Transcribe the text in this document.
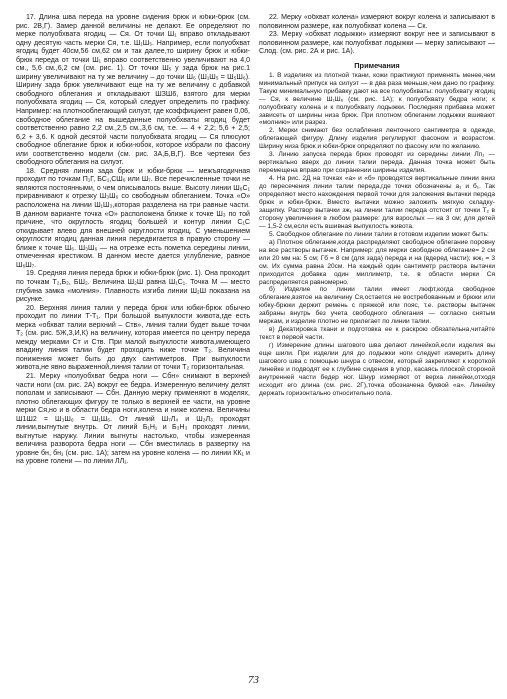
17. Длина шва переда на уровне сидения брюк и юбки-брюк (см. рис. 2В,Г). Замер данной величины не делают. Ее определяют по мерке полуобхвата ягодиц — Ся. От точки Ш₁ вправо откладывают одну десятую часть мерки Ся, т.е. Ш₁Ш₅. Например, если полуобхват ягодиц будет 40см,56 см,62 см и так далее,то ширину брюк и юбки-брюк переда от точки Ш₁ вправо соответственно увеличивают на 4,0 см., 5,6 см.,6,2 см (см. рис. 1). От точки Ш₅ у зада брюк на рис.1 ширину увеличивают на ту же величину – до точки Ш₆ (Ш₁Ш₅ = Ш₅Ш₆). Ширину зада брюк увеличивают еще на ту же величину с добавкой свободного облегания и откладывают ШЗШ6, взятого для мерки полуобхвата ягодиц — Ся, который следует определить по графику. Например: на плотнооблегающий силуэт, где коэффициент равен 0,06, свободное облегание на вышеданные полуобхваты ягодиц будет соответственно равно 2,2 см.,2,5 см.,3,6 см, т.е. — 4 + 2,2; 5,6 + 2,5; 6,2 + 3,6. К одной десятой части полуобхвата ягодиц — Ся плюсуют свободное облегание брюк и юбки-юбок, которое избрали по фасону или соответственно модели (см. рис. 3А,Б,В,Г). Все чертежи без свободного облегания на силуэт.

18. Средняя линия зада брюк и юбки-брюк — межъягодичная проходит по точкам П₁Г, БС₁,СШ₆ или Ш₇. Все перечисленные точки не являются постоянными, о чем описывалось выше. Высоту линии Ш₆С₁ приравнивают к отрезку Ш₃Ш₆ со свободным облеганием. Точка «О» расположена на линии Ш₁Ш₃,которая разделена на три равные части. В данном варианте точка «О» расположена ближе к точке Ш₃ по той причине, что округлость ягодиц большей и контур линии С₁С откидывает влево для внешней округлости ягодиц. С уменьшением округлости ягодиц данная линия передвигается в правую сторону — ближе к точке Ш₆. Ш₃Ш₆ — на отрезке есть пометка середины линии, отмеченная крестиком. В данном месте дается углубление, равное Ш₆Ш₇.

19. Средняя линия переда брюк и юбки-брюк (рис. 1). Она проходит по точкам Т₂,Б₂, БШ₂. Величина Ш₂Ш равна Ш₁С₁. Точка М — место глубина замка «молния». Плавность изгиба линии Ш₂Ш показана на рисунке.

20. Верхняя линия талии у переда брюк или юбки-брюк обычно проходит по линии Т-Т₁. При большой выпуклости живота,где есть мерка «обхват талии верхний – Ств», линия талии будет выше точки Т₂ (см. рис. 5Ж,З,И,К) на величину, которая имеется по центру переда между мерками Ст и Ств. При малой выпуклости живота,имеющего впадину линия талии будет проходить ниже точке Т₂. Величина понижения может быть до двух сантиметров. При выпуклости живота,не явно выраженной,линия талии от точки Т₂ горизонтальная.

21. Мерку «полуобхват бедра ноги — Сбн» снимают в верхней части ноги (см. рис. 2А) вокруг ее бедра. Измеренную величину делят пополам и записывают — Сбн. Данную мерку применяют в моделях, плотно облегающих фигуру те только в верхней ее части, на уровне мерки Ся,но и в области бедра ноги,колена и ниже колена. Величины Ш1Ш2 = Ш₃Ш₆ = Ш₁Ш₆. От линий Ш₇Л₄ и Ш₂Л₃ проходят линии,выгнутые внутрь. От линий Б₁Н₁ и Б₃Н₃ проходят линии, выгнутые наружу. Линии выгнуты настолько, чтобы измеренная величина разворота бедра ноги — Сбн вместилась в развертку на уровне бн, бн₁ (см. рис. 1А); затем на уровне колена — по линии КК₁ и на уровне голени — по линии ЛЛ₁.

22. Мерку «обхват колена» измеряют вокруг колена и записывают в половинном размере, как полуобхват колена — Ск.

23. Мерку «обхват лодыжки» измеряют вокруг нее и записывают в половинном размере, как полуобхват лодыжки — мерку записывают — Слод. (см. рис. 2А и рис. 1А).

Примечания

1. В изделиях из плотной ткани, кожи практикуют применять менее,чем минимальный припуск на силуэт — в два раза меньше,чем дано по графику. Такую минимальную прибавку дают на все полуобхваты: полуобхвату ягодиц — Ся, к величине Ш₁Ш₆ (см. рис. 1А); к полуобхвату бедра ноги; к полуобхвату колена и к полуобхвату лодыжки. Последняя прибавка может зависеть от ширины низа брюк. При плотном облегании лодыжки вшивают «молнию» или разрез.

2. Мерки снимают без ослабления ленточного сантиметра в одежде, облегающей фигуру. Длину изделия регулируют фасоном и возрастом. Ширину низа брюк и юбки-брюк определяют по фасону или по желанию.

3. Линию запуска переда брюк проводят из середины линии Лп₁ — вертикально вверх до линии талии переда. Данная точка может быть перемещена вправо при сохранении ширины изделия.

4. На рис. 2Д на точках «а» и «б» проводятся вертикальные линии вниз до пересечения линии талии переда,где точки обозначены а₁ и б₁. Так определяют место нахождения первой точки для заложения вытачки переда брюк и юбки-брюк. Вместо вытачки можно заложить мягкую складку-защипку. Раствор вытачки зж₁ на линии талии переда отстоит от точки Т₂ в сторону увеличения в любом размере: для взрослых — на 3 см; для детей — 1,5-2 см,если есть вшивная выпуклость живота.

5. Свободное облегание по линии талии в готовом изделии может быть:

а) Плотное облегание,когда распределяют свободное облегание поровну на все растворы вытачек. Например: для мерки свободное облегание= 2 см или 20 мм на: 5 см; Гб = 8 см (для зада) переда и на (вдеред части); жж₁ = 3 см. Их сумма равна 20см. На каждый один сантиметр раствора вытачки приходится добавка один миллиметр, т.е. в области мерки Ся распределяется равномерно.

б) Изделие по линии талии имеет люфт,когда свободное облегание,взятое на величину Ся,остается не востребованным и брюки или юбку-брюки держит ремень с пряжкой или пояс, т.е. растворы вытачек забраны внутрь без учета свободного облегания — согласно снятым меркам, и изделие плотно не прилегает по линии талии.

в) Декатировка ткани и подготовка ее к раскрою обязательна,читайте текст в первой части.

г) Измерение длины шагового шва делают линейкой,если изделия вы еще шили. При изделии для до лодыжки ноги следует измерить длину шагового шва с помощью шнура с отвесом, который закрепляют к короткой линейке и подводят ее к глубине сидения в упор, касаясь плоской стороной внутренней части бедер ног. Шнур измеряют от верха линейки,отходя исходит его длина (см. рис. 2Г),точка обозначена буквой «а». Линейку держать горизонтально относительно пола.

73
